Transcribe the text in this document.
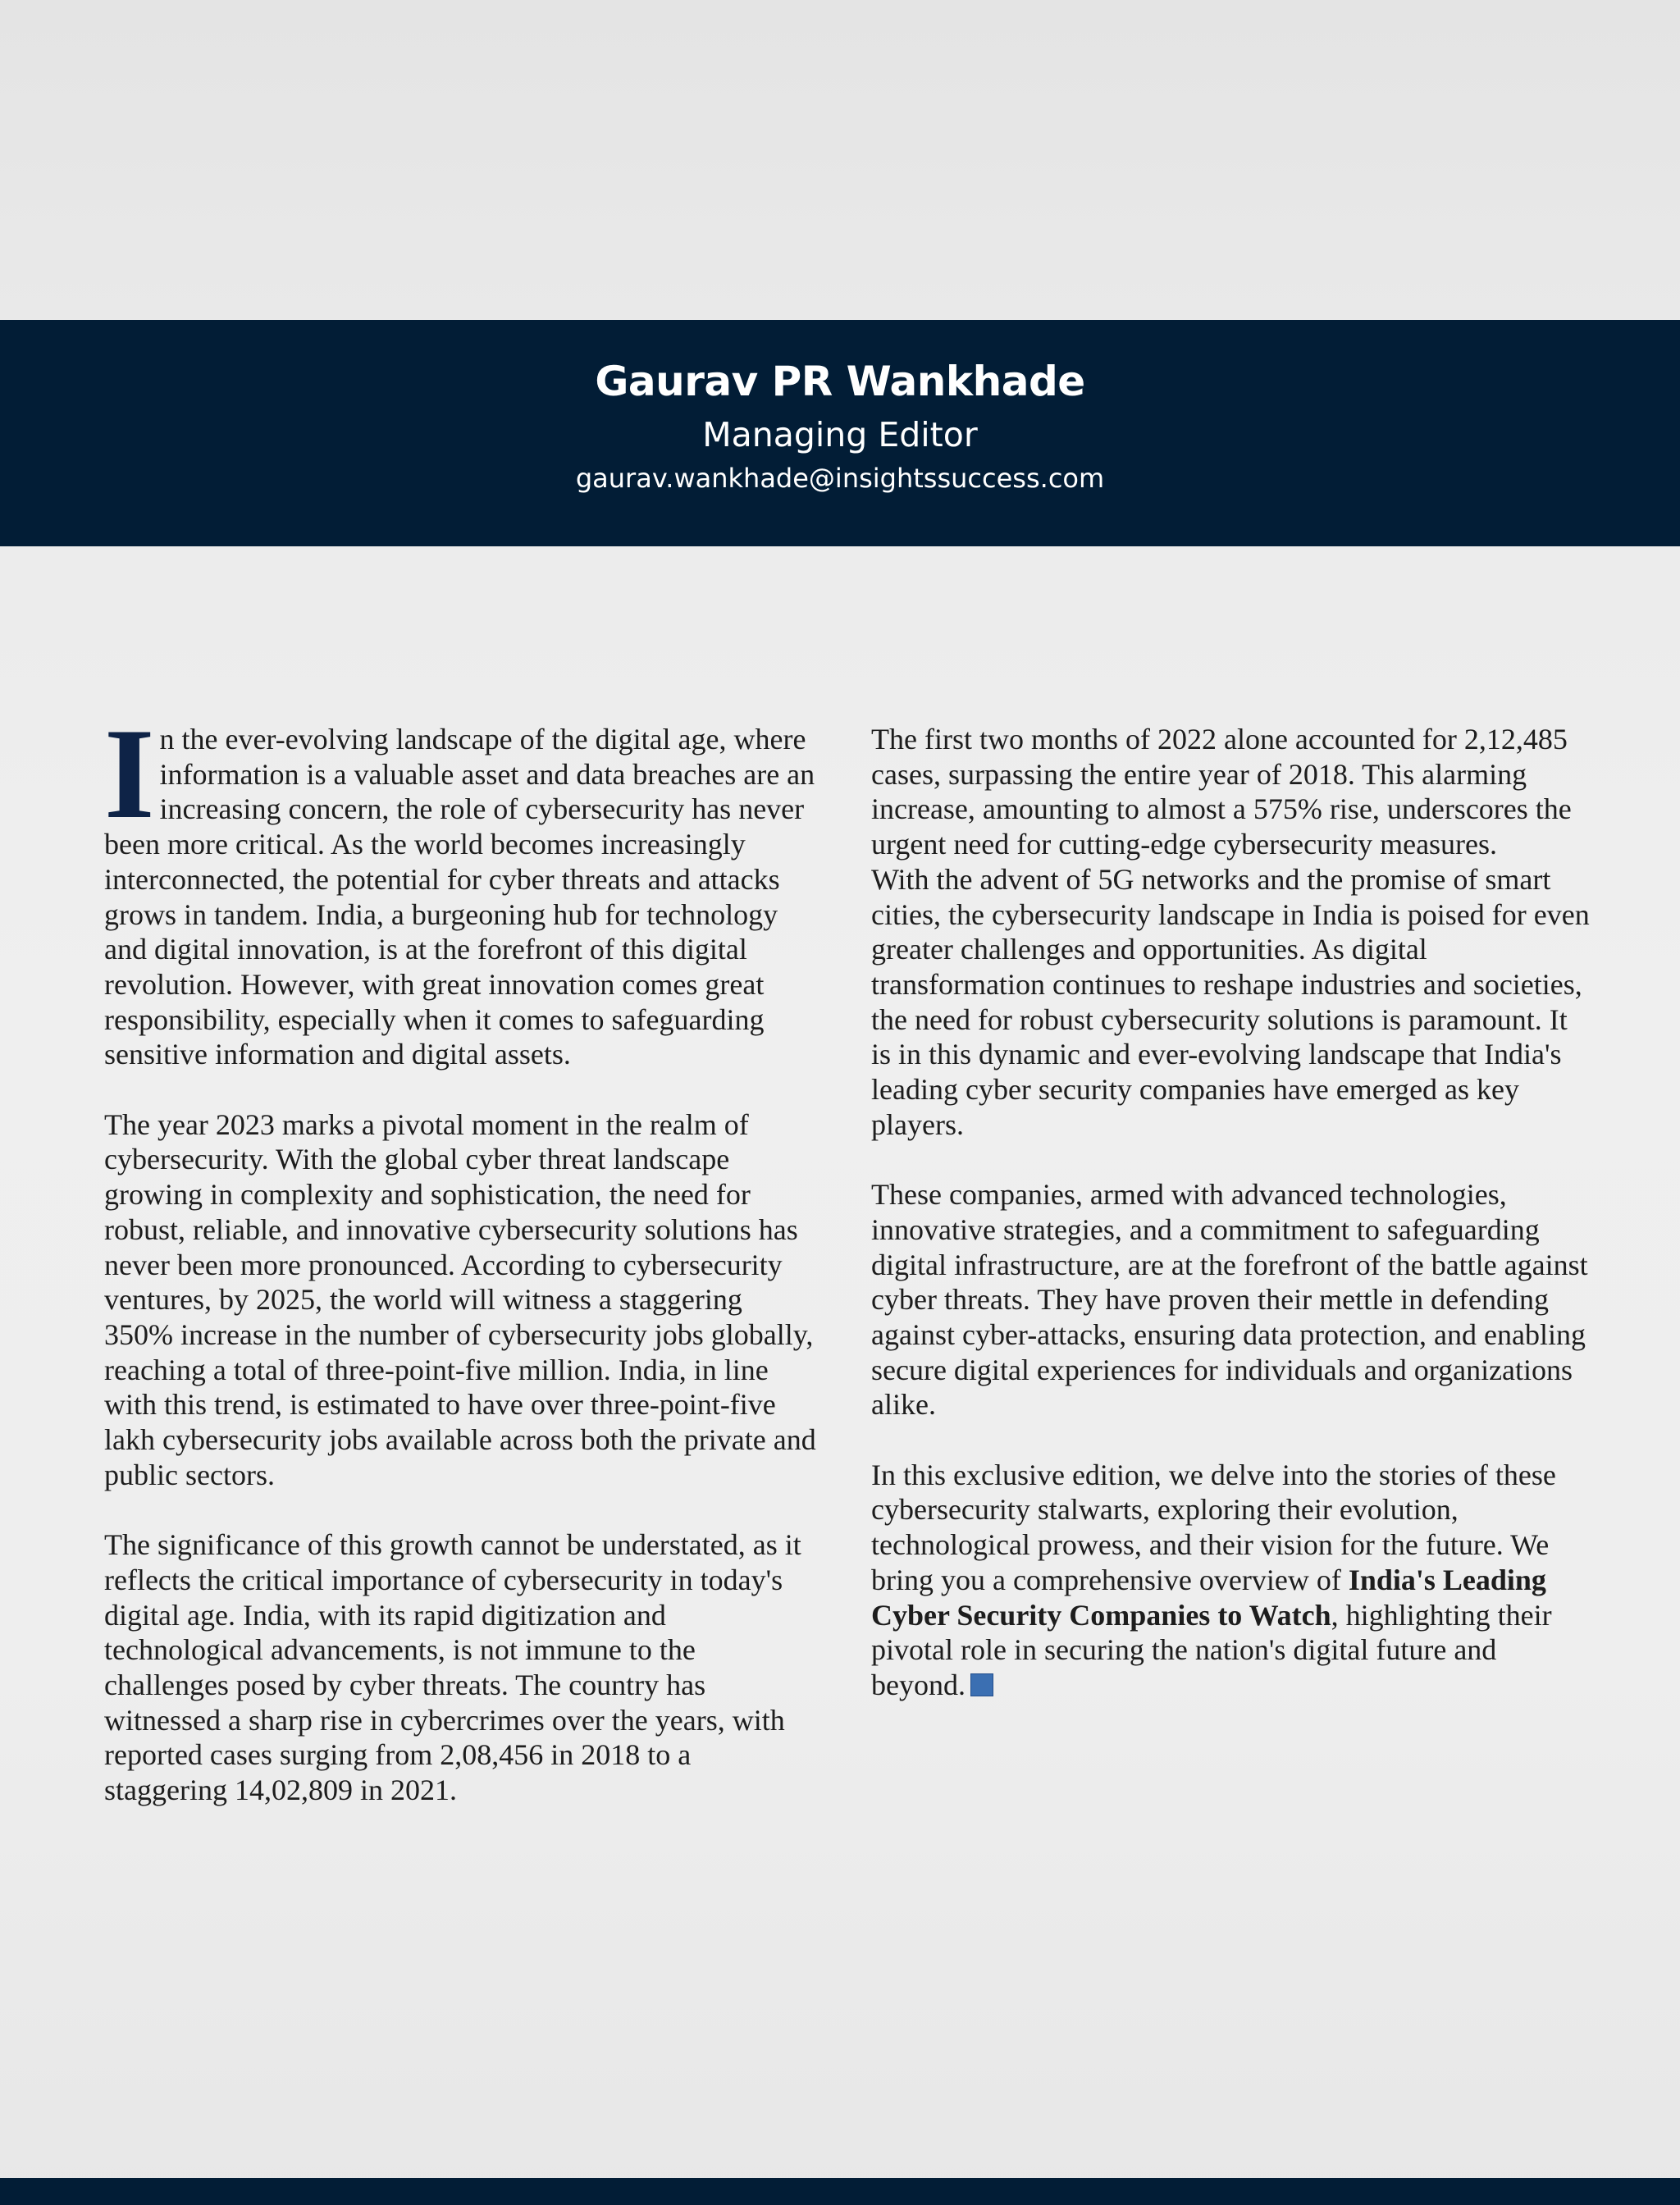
Gaurav PR Wankhade
Managing Editor
gaurav.wankhade@insightssuccess.com

In the ever-evolving landscape of the digital age, where information is a valuable asset and data breaches are an increasing concern, the role of cybersecurity has never been more critical. As the world becomes increasingly interconnected, the potential for cyber threats and attacks grows in tandem. India, a burgeoning hub for technology and digital innovation, is at the forefront of this digital revolution. However, with great innovation comes great responsibility, especially when it comes to safeguarding sensitive information and digital assets.

The year 2023 marks a pivotal moment in the realm of cybersecurity. With the global cyber threat landscape growing in complexity and sophistication, the need for robust, reliable, and innovative cybersecurity solutions has never been more pronounced. According to cybersecurity ventures, by 2025, the world will witness a staggering 350% increase in the number of cybersecurity jobs globally, reaching a total of three-point-five million. India, in line with this trend, is estimated to have over three-point-five lakh cybersecurity jobs available across both the private and public sectors.

The significance of this growth cannot be understated, as it reflects the critical importance of cybersecurity in today's digital age. India, with its rapid digitization and technological advancements, is not immune to the challenges posed by cyber threats. The country has witnessed a sharp rise in cybercrimes over the years, with reported cases surging from 2,08,456 in 2018 to a staggering 14,02,809 in 2021.

The first two months of 2022 alone accounted for 2,12,485 cases, surpassing the entire year of 2018. This alarming increase, amounting to almost a 575% rise, underscores the urgent need for cutting-edge cybersecurity measures.

With the advent of 5G networks and the promise of smart cities, the cybersecurity landscape in India is poised for even greater challenges and opportunities. As digital transformation continues to reshape industries and societies, the need for robust cybersecurity solutions is paramount. It is in this dynamic and ever-evolving landscape that India's leading cyber security companies have emerged as key players.

These companies, armed with advanced technologies, innovative strategies, and a commitment to safeguarding digital infrastructure, are at the forefront of the battle against cyber threats. They have proven their mettle in defending against cyber-attacks, ensuring data protection, and enabling secure digital experiences for individuals and organizations alike.

In this exclusive edition, we delve into the stories of these cybersecurity stalwarts, exploring their evolution, technological prowess, and their vision for the future. We bring you a comprehensive overview of India's Leading Cyber Security Companies to Watch, highlighting their pivotal role in securing the nation's digital future and beyond.
